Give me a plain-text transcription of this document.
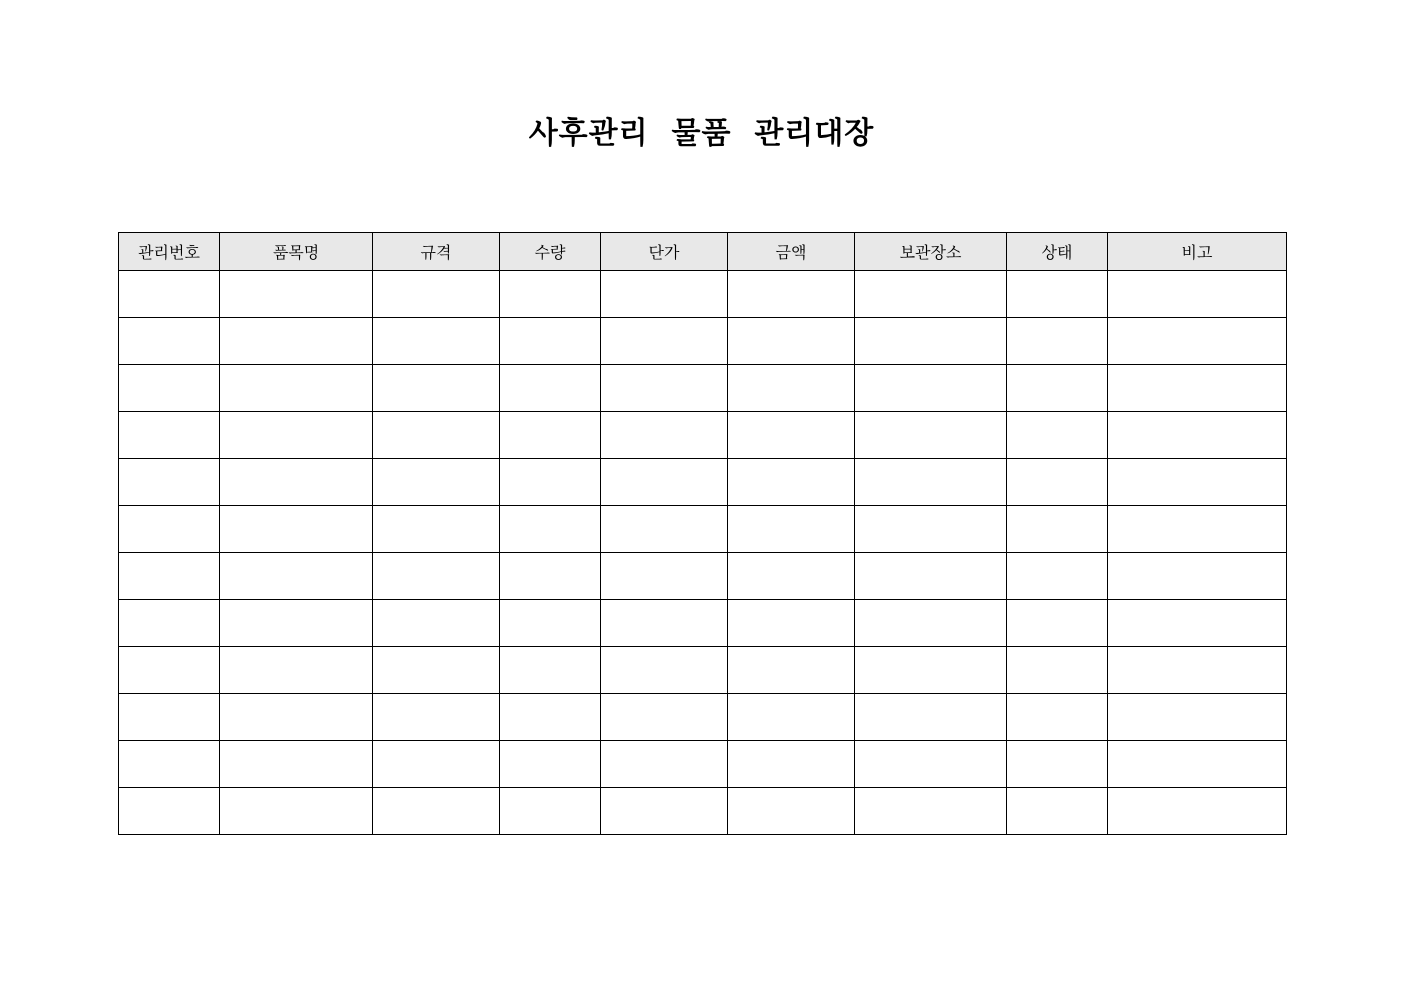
사후관리  물품  관리대장
관리번호	품목명	규격	수량	단가	금액	보관장소	상태	비고
